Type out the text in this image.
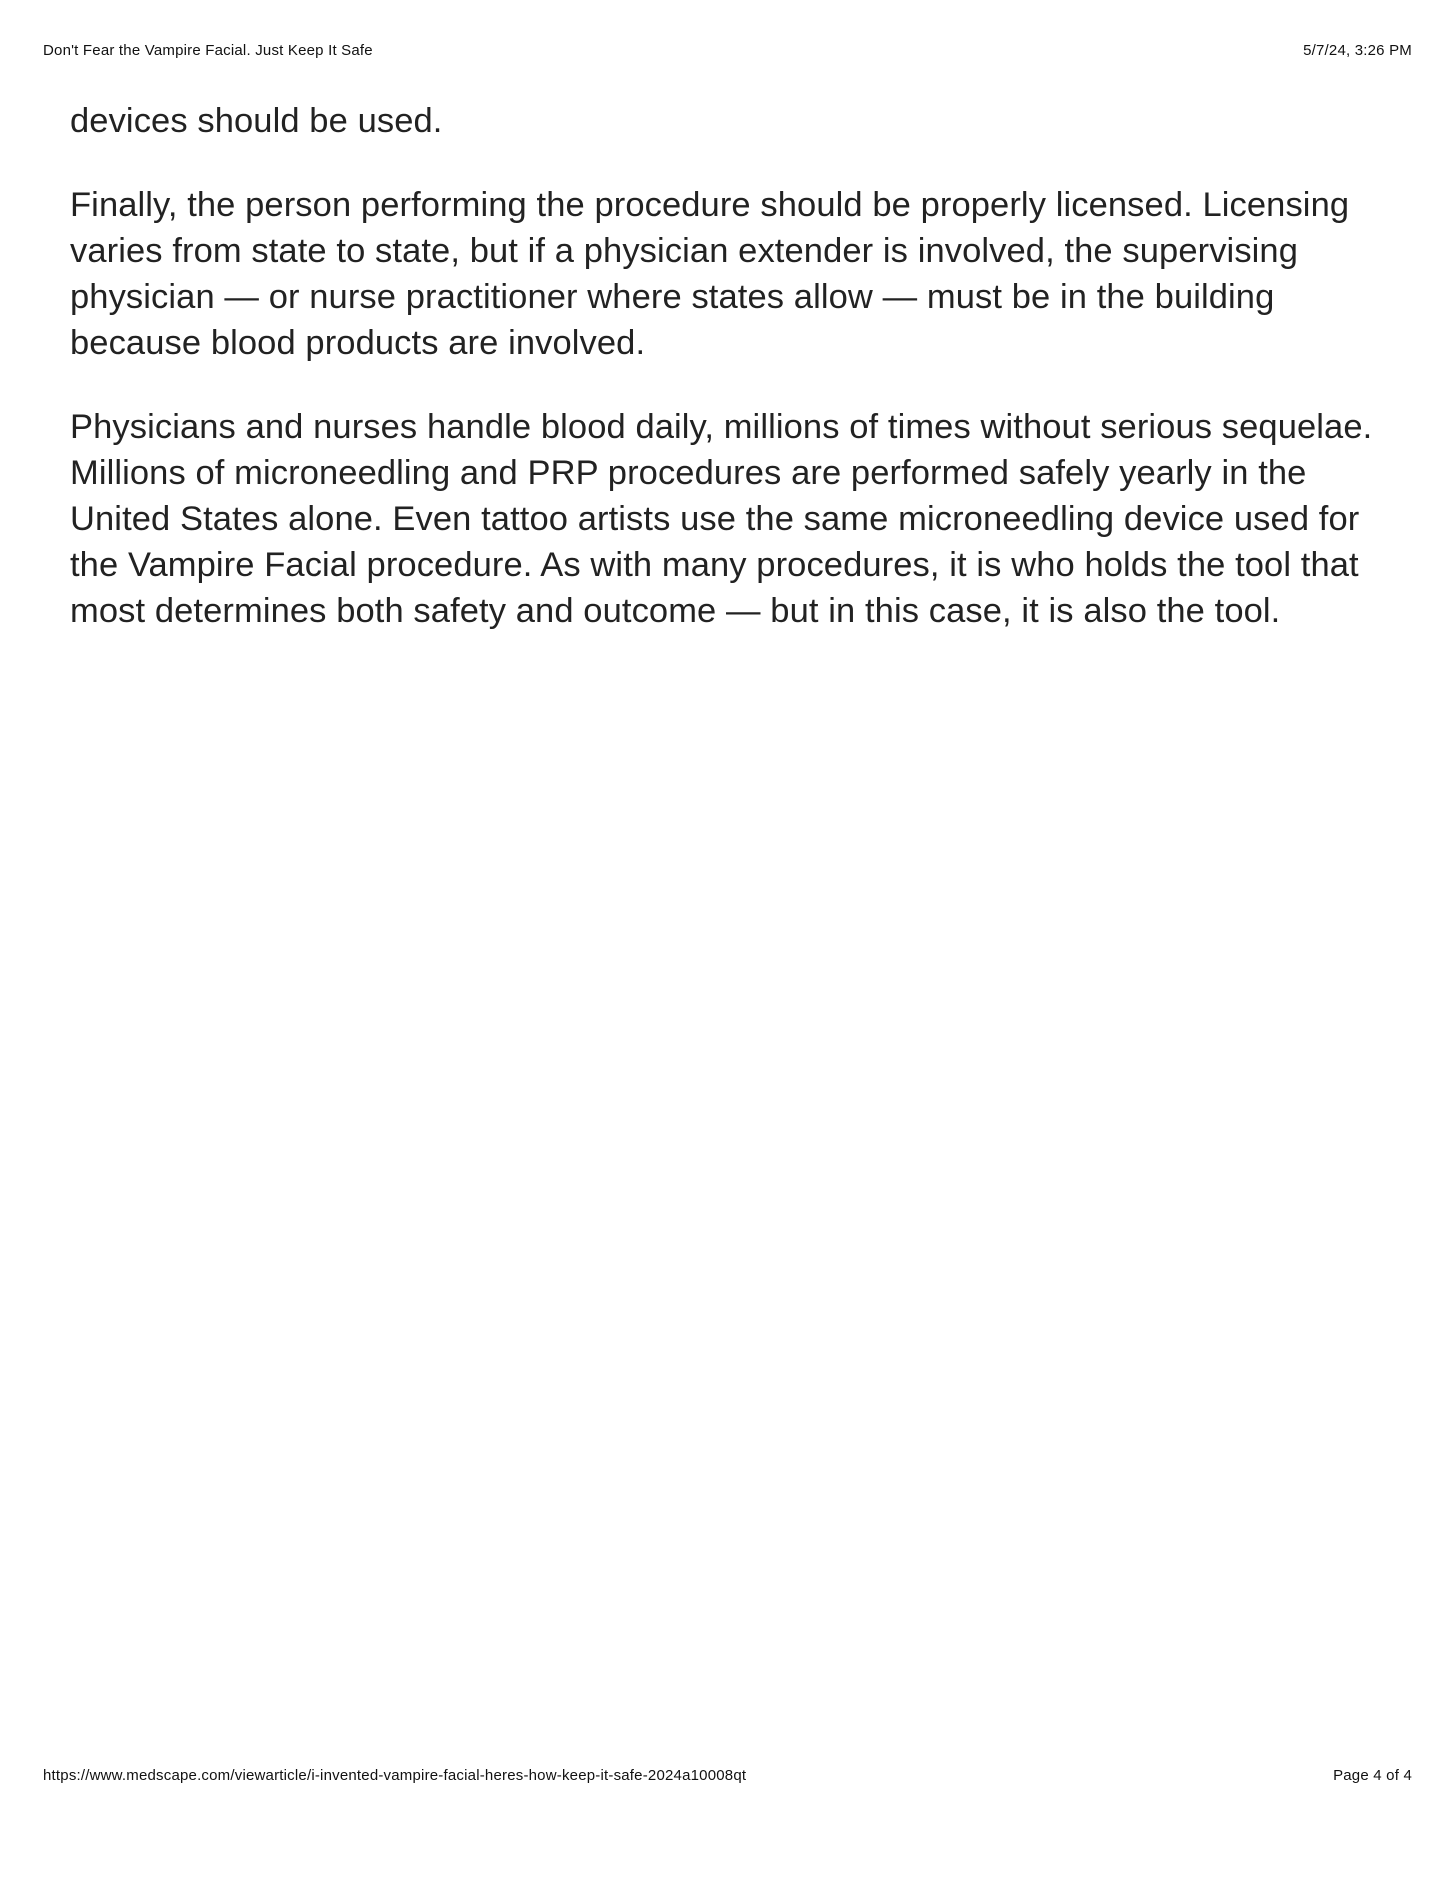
Don't Fear the Vampire Facial. Just Keep It Safe	5/7/24, 3:26 PM

devices should be used.

Finally, the person performing the procedure should be properly licensed. Licensing varies from state to state, but if a physician extender is involved, the supervising physician — or nurse practitioner where states allow — must be in the building because blood products are involved.

Physicians and nurses handle blood daily, millions of times without serious sequelae. Millions of microneedling and PRP procedures are performed safely yearly in the United States alone. Even tattoo artists use the same microneedling device used for the Vampire Facial procedure. As with many procedures, it is who holds the tool that most determines both safety and outcome — but in this case, it is also the tool.

https://www.medscape.com/viewarticle/i-invented-vampire-facial-heres-how-keep-it-safe-2024a10008qt	Page 4 of 4
